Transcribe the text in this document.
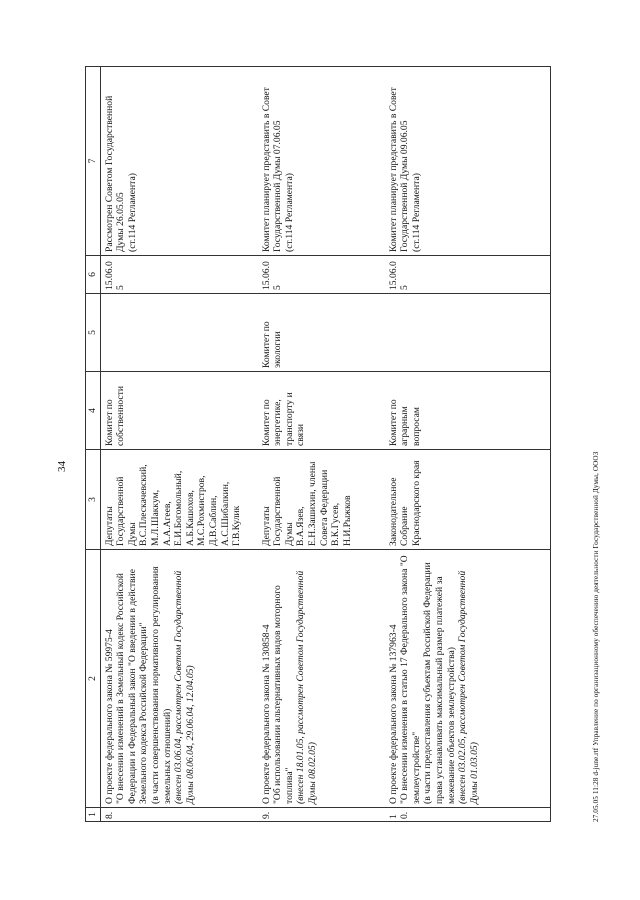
34
1	2	3	4	5	6	7
8.	О проекте федерального закона № 59975-4
"О внесении изменений в Земельный кодекс Российской Федерации и Федеральный закон "О введении в действие Земельного кодекса Российской Федерации"
(в части совершенствования нормативного регулирования земельных отношений)
(внесен 03.06.04, рассмотрен Советом Государственной Думы 08.06.04, 29.06.04, 12.04.05)	Депутаты Государственной Думы
В.С.Плескачевский, М.Л.Шаккум, А.А.Агеев, Е.И.Богомольный, А.Б.Кашохов, М.С.Рохмистров, Д.В.Саблин, А.С.Шибалкин, Г.В.Кулик	Комитет по собственности		15.06.05	Рассмотрен Советом Государственной Думы 26.05.05
(ст.114 Регламента)
9.	О проекте федерального закона № 130858-4
"Об использовании альтернативных видов моторного топлива"
(внесен 18.01.05, рассмотрен Советом Государственной Думы 08.02.05)	Депутаты Государственной Думы
В.А.Язев, Е.Н.Зашихин, члены Совета Федерации
В.К.Гусев, Н.И.Рыжков	Комитет по энергетике, транспорту и связи	Комитет по экологии	15.06.05	Комитет планирует представить в Совет Государственной Думы 07.06.05
(ст.114 Регламента)
10.	О проекте федерального закона № 137963-4
"О внесении изменения в статью 17 Федерального закона "О землеустройстве"
(в части предоставления субъектам Российской Федерации права устанавливать максимальный размер платежей за межевание объектов землеустройства)
(внесен 03.02.05, рассмотрен Советом Государственной Думы 01.03.05)	Законодательное Собрание Краснодарского края	Комитет по аграрным вопросам		15.06.05	Комитет планирует представить в Совет Государственной Думы 09.06.05
(ст.114 Регламента)
27.05.05 11:28 d-june.rtf Управление по организационному обеспечению деятельности Государственной Думы, ООО3
